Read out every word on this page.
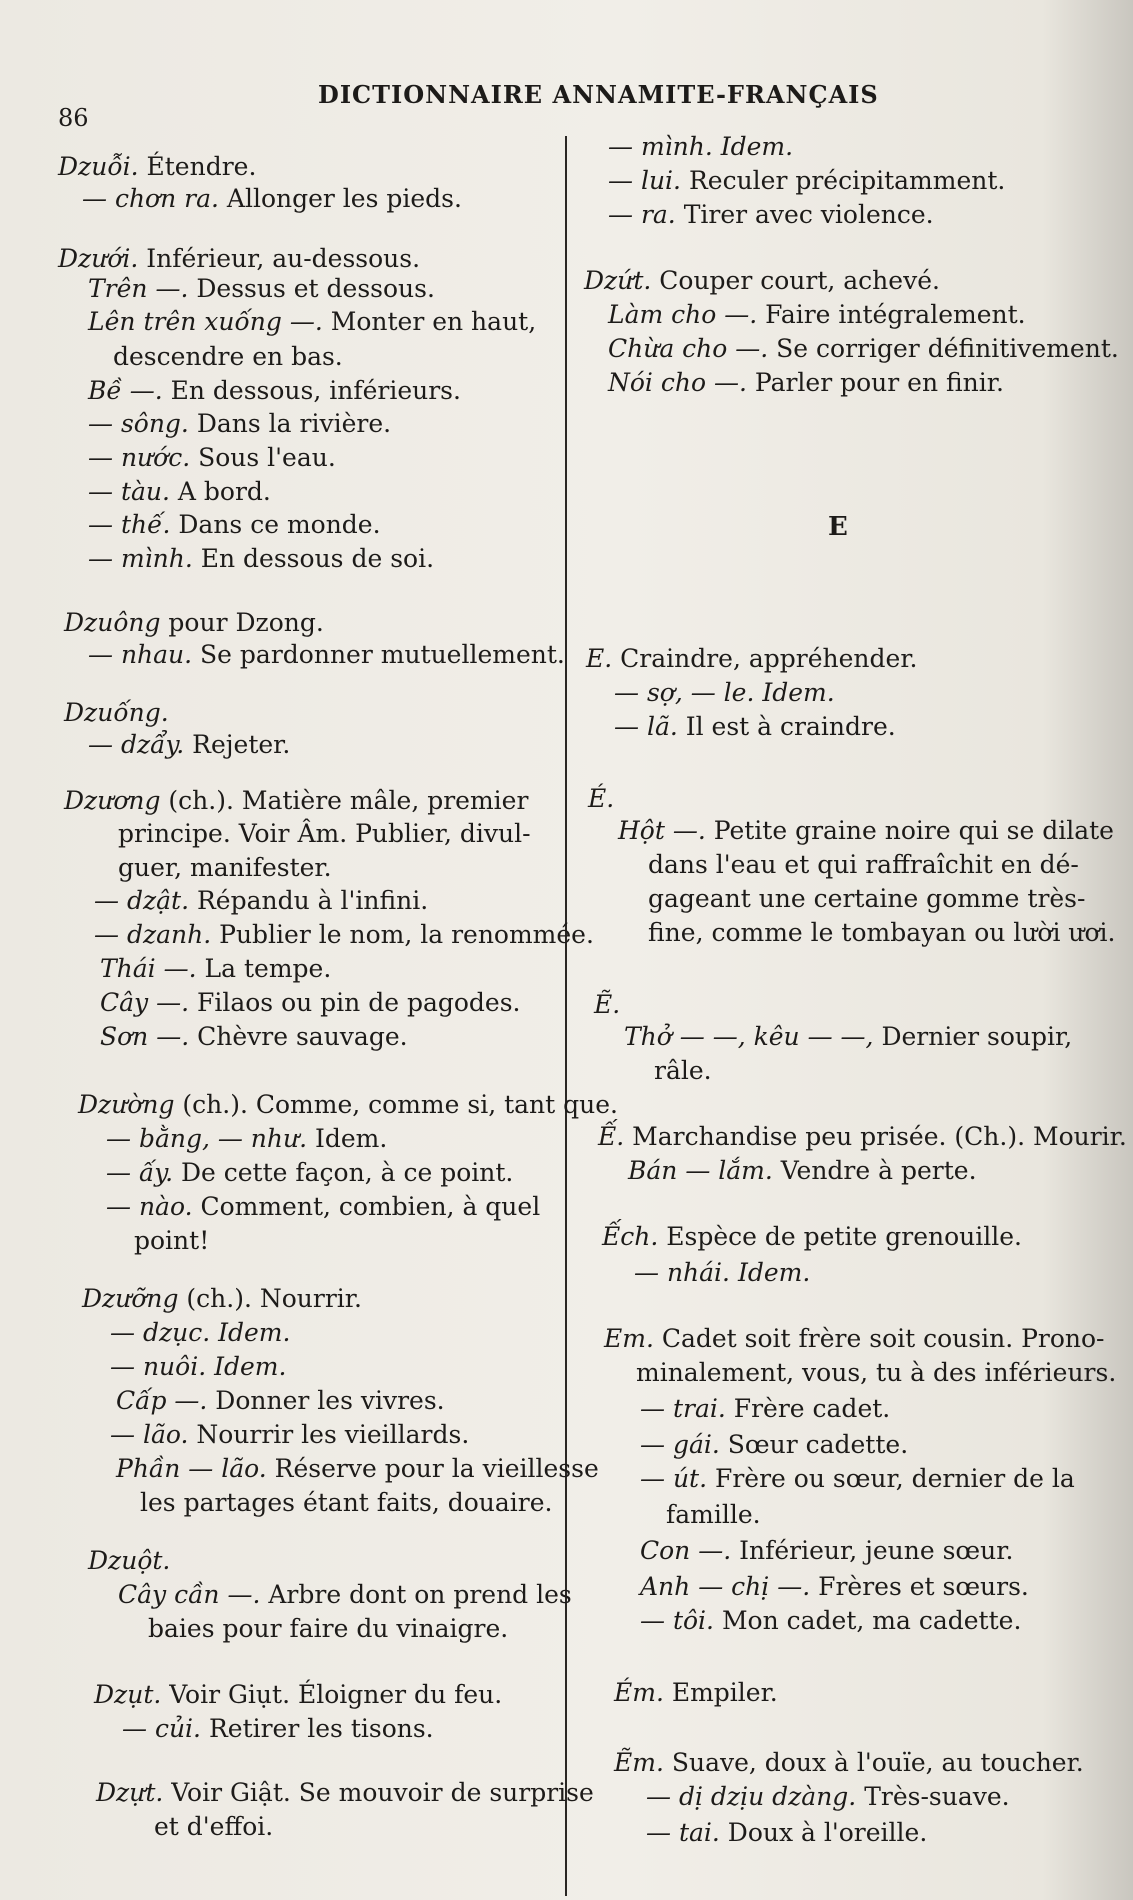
86
DICTIONNAIRE ANNAMITE-FRANÇAIS
Dzuỗi. Étendre.
— chơn ra. Allonger les pieds.
Dzưới. Inférieur, au-dessous.
Trên —. Dessus et dessous.
Lên trên xuống —. Monter en haut,
descendre en bas.
Bề —. En dessous, inférieurs.
— sông. Dans la rivière.
— nước. Sous l'eau.
— tàu. A bord.
— thế. Dans ce monde.
— mình. En dessous de soi.
Dzuông pour Dzong.
— nhau. Se pardonner mutuellement.
Dzuống.
— dzẩy. Rejeter.
Dzương (ch.). Matière mâle, premier
principe. Voir Âm. Publier, divul-
guer, manifester.
— dzật. Répandu à l'infini.
— dzanh. Publier le nom, la renommée.
Thái —. La tempe.
Cây —. Filaos ou pin de pagodes.
Sơn —. Chèvre sauvage.
Dzường (ch.). Comme, comme si, tant que.
— bằng, — như. Idem.
— ấy. De cette façon, à ce point.
— nào. Comment, combien, à quel
point!
Dzưỡng (ch.). Nourrir.
— dzục. Idem.
— nuôi. Idem.
Cấp —. Donner les vivres.
— lão. Nourrir les vieillards.
Phần — lão. Réserve pour la vieillesse
les partages étant faits, douaire.
Dzuột.
Cây cần —. Arbre dont on prend les
baies pour faire du vinaigre.
Dzụt. Voir Giụt. Éloigner du feu.
— củi. Retirer les tisons.
Dzựt. Voir Giật. Se mouvoir de surprise
et d'effoi.
— mình. Idem.
— lui. Reculer précipitamment.
— ra. Tirer avec violence.
Dzứt. Couper court, achevé.
Làm cho —. Faire intégralement.
Chừa cho —. Se corriger définitivement.
Nói cho —. Parler pour en finir.
E
E. Craindre, appréhender.
— sợ, — le. Idem.
— lã. Il est à craindre.
É.
Hột —. Petite graine noire qui se dilate
dans l'eau et qui raffraîchit en dé-
gageant une certaine gomme très-
fine, comme le tombayan ou lười ươi.
Ẽ.
Thở — —, kêu — —, Dernier soupir,
râle.
Ế. Marchandise peu prisée. (Ch.). Mourir.
Bán — lắm. Vendre à perte.
Ếch. Espèce de petite grenouille.
— nhái. Idem.
Em. Cadet soit frère soit cousin. Prono-
minalement, vous, tu à des inférieurs.
— trai. Frère cadet.
— gái. Sœur cadette.
— út. Frère ou sœur, dernier de la
famille.
Con —. Inférieur, jeune sœur.
Anh — chị —. Frères et sœurs.
— tôi. Mon cadet, ma cadette.
Ém. Empiler.
Ẽm. Suave, doux à l'ouïe, au toucher.
— dị dzịu dzàng. Très-suave.
— tai. Doux à l'oreille.
